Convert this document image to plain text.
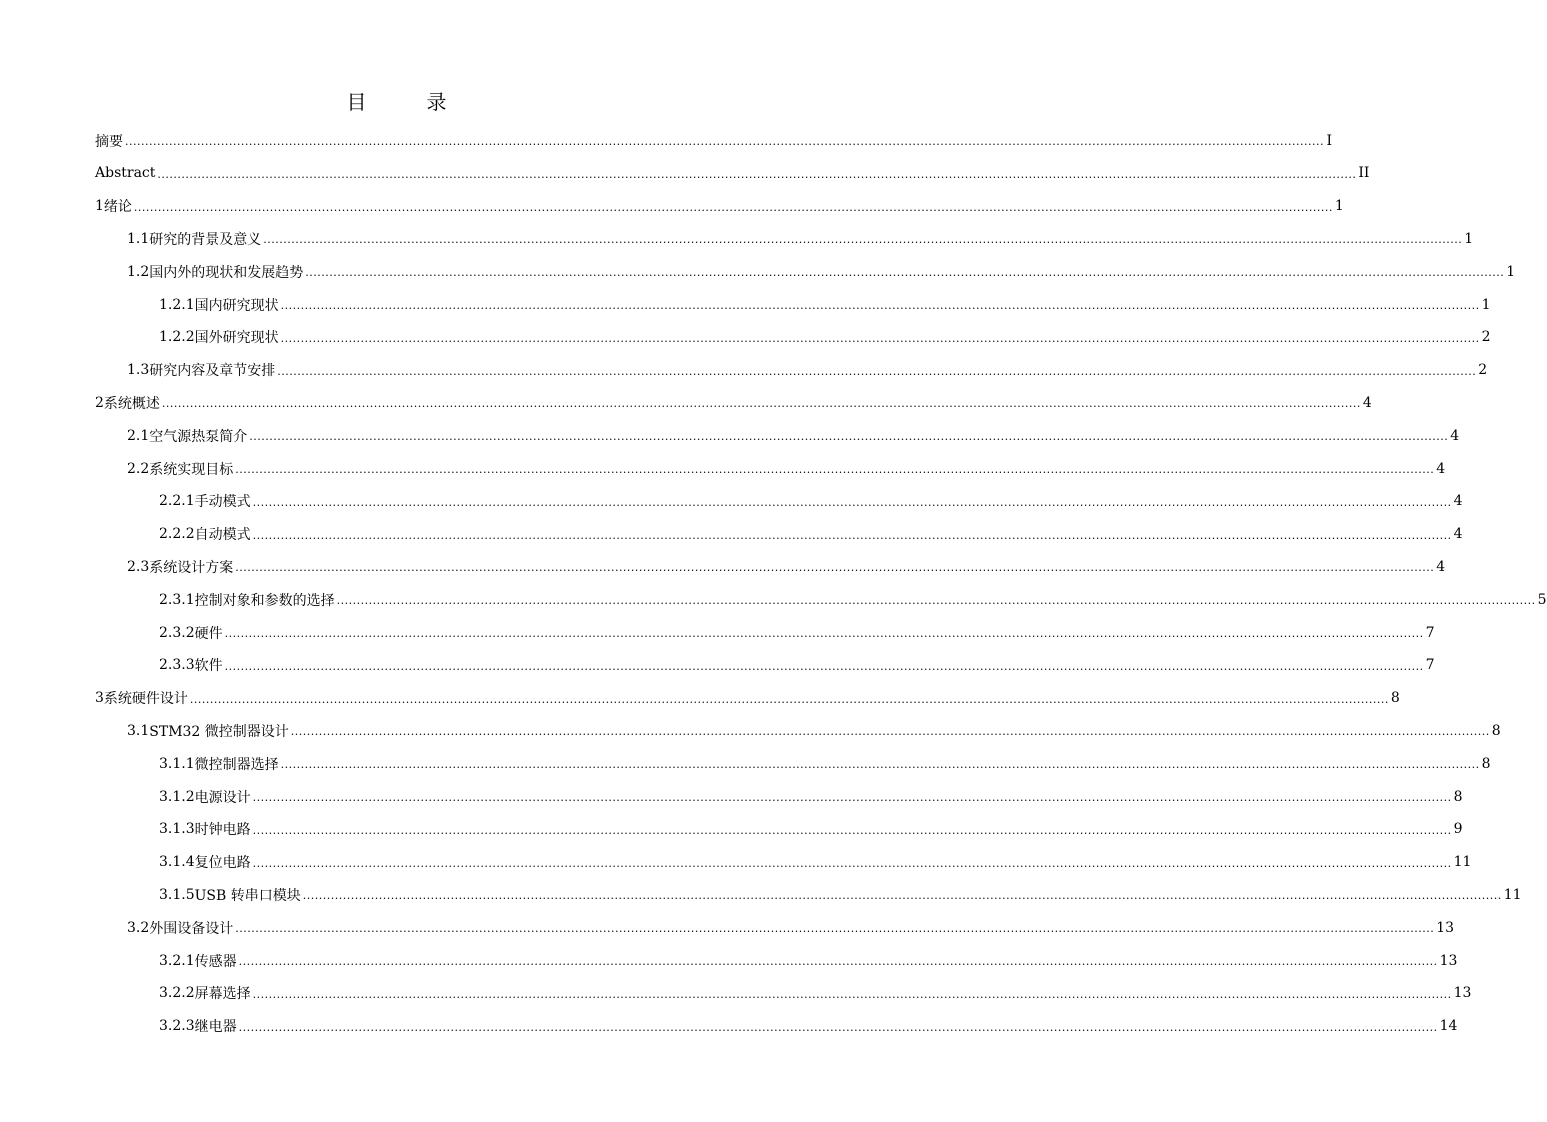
目	录
摘要 ............................................................................................................................................................................................................................................................................................................ I
Abstract ............................................................................................................................................................................................................................................................................................................ II
1 绪论 ............................................................................................................................................................................................................................................................................................................ 1
1.1 研究的背景及意义 ............................................................................................................................................................................................................................................................................................................ 1
1.2 国内外的现状和发展趋势 ............................................................................................................................................................................................................................................................................................................ 1
1.2.1 国内研究现状 ............................................................................................................................................................................................................................................................................................................ 1
1.2.2 国外研究现状 ............................................................................................................................................................................................................................................................................................................ 2
1.3 研究内容及章节安排 ............................................................................................................................................................................................................................................................................................................ 2
2 系统概述 ............................................................................................................................................................................................................................................................................................................ 4
2.1 空气源热泵简介 ............................................................................................................................................................................................................................................................................................................ 4
2.2 系统实现目标 ............................................................................................................................................................................................................................................................................................................ 4
2.2.1 手动模式 ............................................................................................................................................................................................................................................................................................................ 4
2.2.2 自动模式 ............................................................................................................................................................................................................................................................................................................ 4
2.3 系统设计方案 ............................................................................................................................................................................................................................................................................................................ 4
2.3.1 控制对象和参数的选择 ............................................................................................................................................................................................................................................................................................................ 5
2.3.2 硬件 ............................................................................................................................................................................................................................................................................................................ 7
2.3.3 软件 ............................................................................................................................................................................................................................................................................................................ 7
3 系统硬件设计 ............................................................................................................................................................................................................................................................................................................ 8
3.1 STM32 微控制器设计 ............................................................................................................................................................................................................................................................................................................ 8
3.1.1 微控制器选择 ............................................................................................................................................................................................................................................................................................................ 8
3.1.2 电源设计 ............................................................................................................................................................................................................................................................................................................ 8
3.1.3 时钟电路 ............................................................................................................................................................................................................................................................................................................ 9
3.1.4 复位电路 ............................................................................................................................................................................................................................................................................................................ 11
3.1.5 USB 转串口模块 ............................................................................................................................................................................................................................................................................................................ 11
3.2 外围设备设计 ............................................................................................................................................................................................................................................................................................................ 13
3.2.1 传感器 ............................................................................................................................................................................................................................................................................................................ 13
3.2.2 屏幕选择 ............................................................................................................................................................................................................................................................................................................ 13
3.2.3 继电器 ............................................................................................................................................................................................................................................................................................................ 14
